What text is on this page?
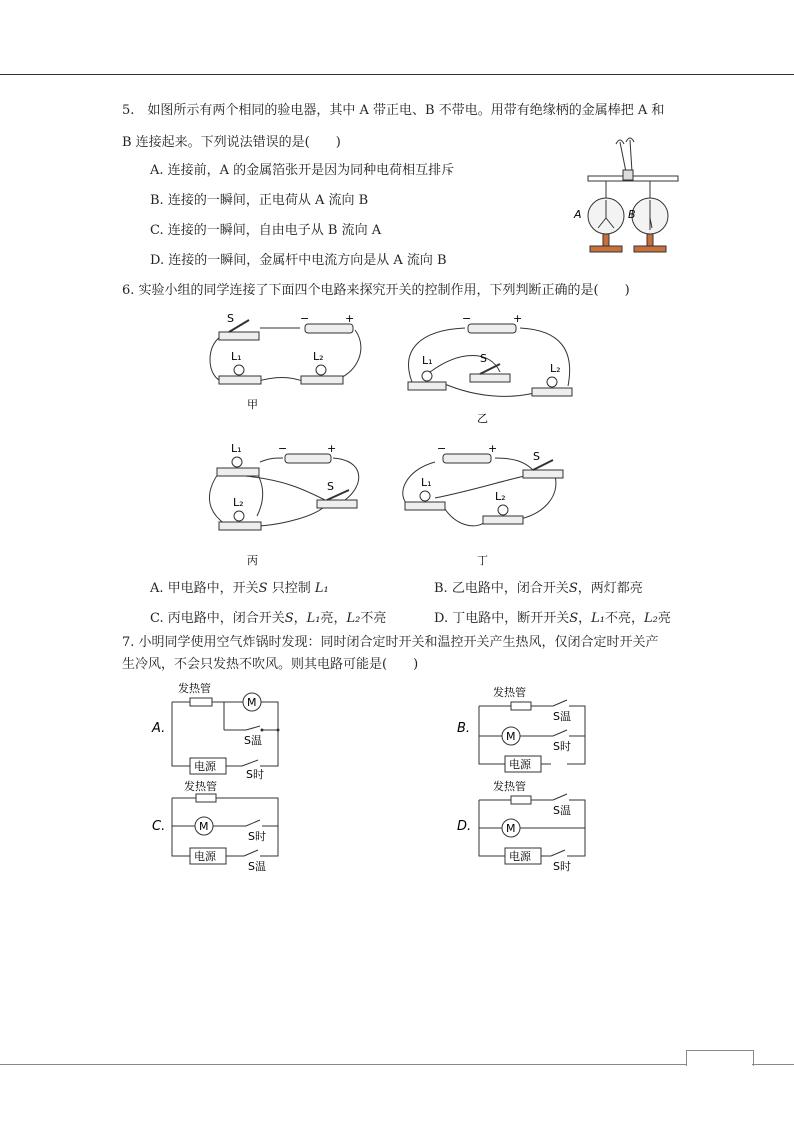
5.　如图所示有两个相同的验电器，其中 A 带正电、B 不带电。用带有绝缘柄的金属棒把 A 和
B 连接起来。下列说法错误的是(　　)
A. 连接前，A 的金属箔张开是因为同种电荷相互排斥
B. 连接的一瞬间，正电荷从 A 流向 B
C. 连接的一瞬间，自由电子从 B 流向 A
D. 连接的一瞬间，金属杆中电流方向是从 A 流向 B
A	B
6. 实验小组的同学连接了下面四个电路来探究开关的控制作用，下列判断正确的是(　　)
S	−	+
L₁	L₂
甲
−	+
L₁	S
L₂
乙
−	+
L₁
L₂
S
丙
−	+
S
L₁
L₂
丁
A. 甲电路中，开关S 只控制 L₁	B. 乙电路中，闭合开关S，两灯都亮
C. 丙电路中，闭合开关S，L₁亮，L₂不亮	D. 丁电路中，断开开关S，L₁不亮，L₂亮
7. 小明同学使用空气炸锅时发现：同时闭合定时开关和温控开关产生热风，仅闭合定时开关产
生冷风，不会只发热不吹风。则其电路可能是(　　)
A.
发热管
M
S温
电源
S时
B.
发热管
S温
M
S时
电源
C.
发热管
M
S时
电源
S温
D.
发热管
S温
M
电源
S时
